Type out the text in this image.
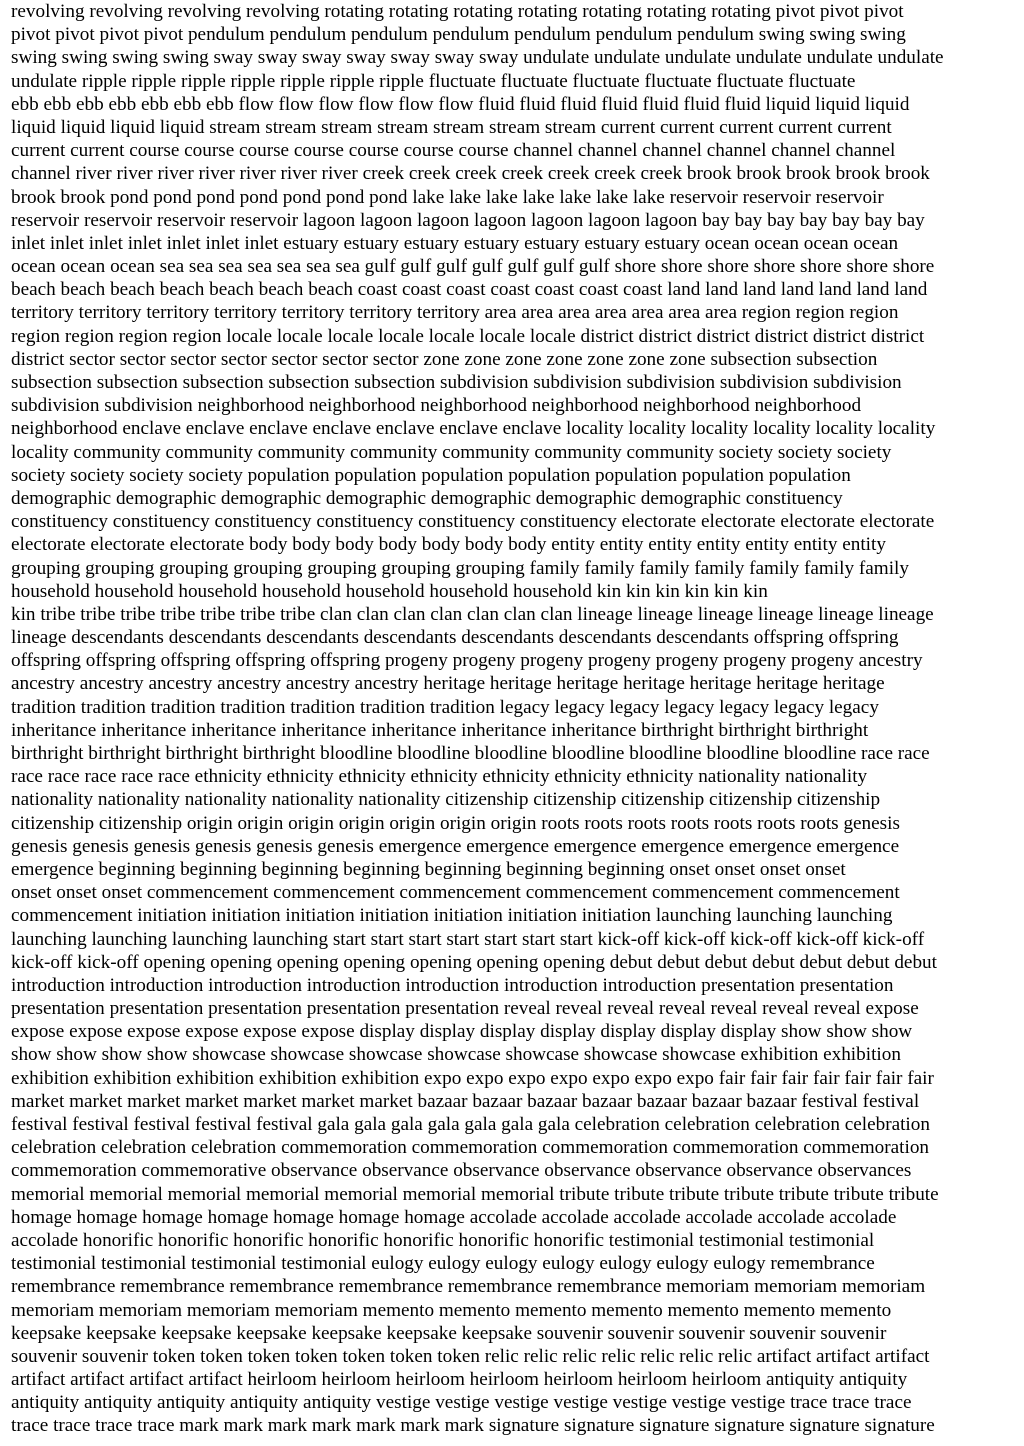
revolving revolving revolving revolving rotating rotating rotating rotating rotating rotating rotating pivot pivot pivot
pivot pivot pivot pivot pendulum pendulum pendulum pendulum pendulum pendulum pendulum swing swing swing
swing swing swing swing sway sway sway sway sway sway sway undulate undulate undulate undulate undulate undulate
undulate ripple ripple ripple ripple ripple ripple ripple fluctuate fluctuate fluctuate fluctuate fluctuate fluctuate
ebb ebb ebb ebb ebb ebb ebb flow flow flow flow flow flow fluid fluid fluid fluid fluid fluid fluid liquid liquid liquid
liquid liquid liquid liquid stream stream stream stream stream stream stream current current current current current
current current course course course course course course course channel channel channel channel channel channel
channel river river river river river river river creek creek creek creek creek creek creek brook brook brook brook brook
brook brook pond pond pond pond pond pond pond lake lake lake lake lake lake lake reservoir reservoir reservoir
reservoir reservoir reservoir reservoir lagoon lagoon lagoon lagoon lagoon lagoon lagoon bay bay bay bay bay bay bay
inlet inlet inlet inlet inlet inlet inlet estuary estuary estuary estuary estuary estuary estuary ocean ocean ocean ocean
ocean ocean ocean sea sea sea sea sea sea sea gulf gulf gulf gulf gulf gulf gulf shore shore shore shore shore shore shore
beach beach beach beach beach beach beach coast coast coast coast coast coast coast land land land land land land land
territory territory territory territory territory territory territory area area area area area area area region region region
region region region region locale locale locale locale locale locale locale district district district district district district
district sector sector sector sector sector sector sector zone zone zone zone zone zone zone subsection subsection
subsection subsection subsection subsection subsection subdivision subdivision subdivision subdivision subdivision
subdivision subdivision neighborhood neighborhood neighborhood neighborhood neighborhood neighborhood
neighborhood enclave enclave enclave enclave enclave enclave enclave locality locality locality locality locality locality
locality community community community community community community community society society society
society society society society population population population population population population population
demographic demographic demographic demographic demographic demographic demographic constituency
constituency constituency constituency constituency constituency constituency electorate electorate electorate electorate
electorate electorate electorate body body body body body body body entity entity entity entity entity entity entity
grouping grouping grouping grouping grouping grouping grouping family family family family family family family
household household household household household household household kin kin kin kin kin kin
kin tribe tribe tribe tribe tribe tribe tribe clan clan clan clan clan clan clan lineage lineage lineage lineage lineage lineage
lineage descendants descendants descendants descendants descendants descendants descendants offspring offspring
offspring offspring offspring offspring offspring progeny progeny progeny progeny progeny progeny progeny ancestry
ancestry ancestry ancestry ancestry ancestry ancestry heritage heritage heritage heritage heritage heritage heritage
tradition tradition tradition tradition tradition tradition tradition legacy legacy legacy legacy legacy legacy legacy
inheritance inheritance inheritance inheritance inheritance inheritance inheritance birthright birthright birthright
birthright birthright birthright birthright bloodline bloodline bloodline bloodline bloodline bloodline bloodline race race
race race race race race ethnicity ethnicity ethnicity ethnicity ethnicity ethnicity ethnicity nationality nationality
nationality nationality nationality nationality nationality citizenship citizenship citizenship citizenship citizenship
citizenship citizenship origin origin origin origin origin origin origin roots roots roots roots roots roots roots genesis
genesis genesis genesis genesis genesis genesis emergence emergence emergence emergence emergence emergence
emergence beginning beginning beginning beginning beginning beginning beginning onset onset onset onset
onset onset onset commencement commencement commencement commencement commencement commencement
commencement initiation initiation initiation initiation initiation initiation initiation launching launching launching
launching launching launching launching start start start start start start start kick-off kick-off kick-off kick-off kick-off
kick-off kick-off opening opening opening opening opening opening opening debut debut debut debut debut debut debut
introduction introduction introduction introduction introduction introduction introduction presentation presentation
presentation presentation presentation presentation presentation reveal reveal reveal reveal reveal reveal reveal expose
expose expose expose expose expose expose display display display display display display display show show show
show show show show showcase showcase showcase showcase showcase showcase showcase exhibition exhibition
exhibition exhibition exhibition exhibition exhibition expo expo expo expo expo expo expo fair fair fair fair fair fair fair
market market market market market market market bazaar bazaar bazaar bazaar bazaar bazaar bazaar festival festival
festival festival festival festival festival gala gala gala gala gala gala gala celebration celebration celebration celebration
celebration celebration celebration commemoration commemoration commemoration commemoration commemoration
commemoration commemorative observance observance observance observance observance observance observances
memorial memorial memorial memorial memorial memorial memorial tribute tribute tribute tribute tribute tribute tribute
homage homage homage homage homage homage homage accolade accolade accolade accolade accolade accolade
accolade honorific honorific honorific honorific honorific honorific honorific testimonial testimonial testimonial
testimonial testimonial testimonial testimonial eulogy eulogy eulogy eulogy eulogy eulogy eulogy remembrance
remembrance remembrance remembrance remembrance remembrance remembrance memoriam memoriam memoriam
memoriam memoriam memoriam memoriam memento memento memento memento memento memento memento
keepsake keepsake keepsake keepsake keepsake keepsake keepsake souvenir souvenir souvenir souvenir souvenir
souvenir souvenir token token token token token token token relic relic relic relic relic relic relic artifact artifact artifact
artifact artifact artifact artifact heirloom heirloom heirloom heirloom heirloom heirloom heirloom antiquity antiquity
antiquity antiquity antiquity antiquity antiquity vestige vestige vestige vestige vestige vestige vestige trace trace trace
trace trace trace trace mark mark mark mark mark mark mark signature signature signature signature signature signature
